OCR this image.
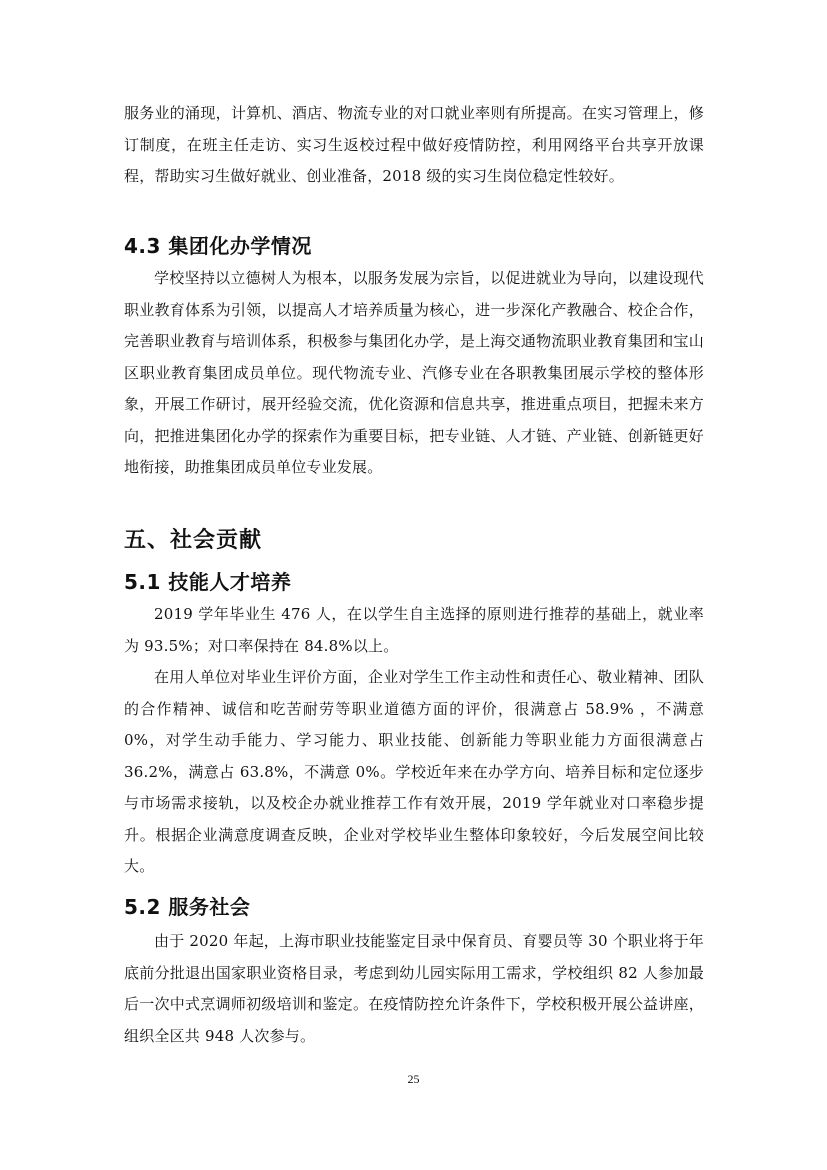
服务业的涌现，计算机、酒店、物流专业的对口就业率则有所提高。在实习管理上，修订制度，在班主任走访、实习生返校过程中做好疫情防控，利用网络平台共享开放课程，帮助实习生做好就业、创业准备，2018 级的实习生岗位稳定性较好。

4.3 集团化办学情况

学校坚持以立德树人为根本，以服务发展为宗旨，以促进就业为导向，以建设现代职业教育体系为引领，以提高人才培养质量为核心，进一步深化产教融合、校企合作，完善职业教育与培训体系，积极参与集团化办学，是上海交通物流职业教育集团和宝山区职业教育集团成员单位。现代物流专业、汽修专业在各职教集团展示学校的整体形象，开展工作研讨，展开经验交流，优化资源和信息共享，推进重点项目，把握未来方向，把推进集团化办学的探索作为重要目标，把专业链、人才链、产业链、创新链更好地衔接，助推集团成员单位专业发展。

五、社会贡献
5.1 技能人才培养

2019 学年毕业生 476 人，在以学生自主选择的原则进行推荐的基础上，就业率为 93.5%；对口率保持在 84.8%以上。

在用人单位对毕业生评价方面，企业对学生工作主动性和责任心、敬业精神、团队的合作精神、诚信和吃苦耐劳等职业道德方面的评价，很满意占 58.9% ，不满意 0%，对学生动手能力、学习能力、职业技能、创新能力等职业能力方面很满意占 36.2%，满意占 63.8%，不满意 0%。学校近年来在办学方向、培养目标和定位逐步与市场需求接轨，以及校企办就业推荐工作有效开展，2019 学年就业对口率稳步提升。根据企业满意度调查反映，企业对学校毕业生整体印象较好，今后发展空间比较大。

5.2 服务社会

由于 2020 年起，上海市职业技能鉴定目录中保育员、育婴员等 30 个职业将于年底前分批退出国家职业资格目录，考虑到幼儿园实际用工需求，学校组织 82 人参加最后一次中式烹调师初级培训和鉴定。在疫情防控允许条件下，学校积极开展公益讲座，组织全区共 948 人次参与。

25
